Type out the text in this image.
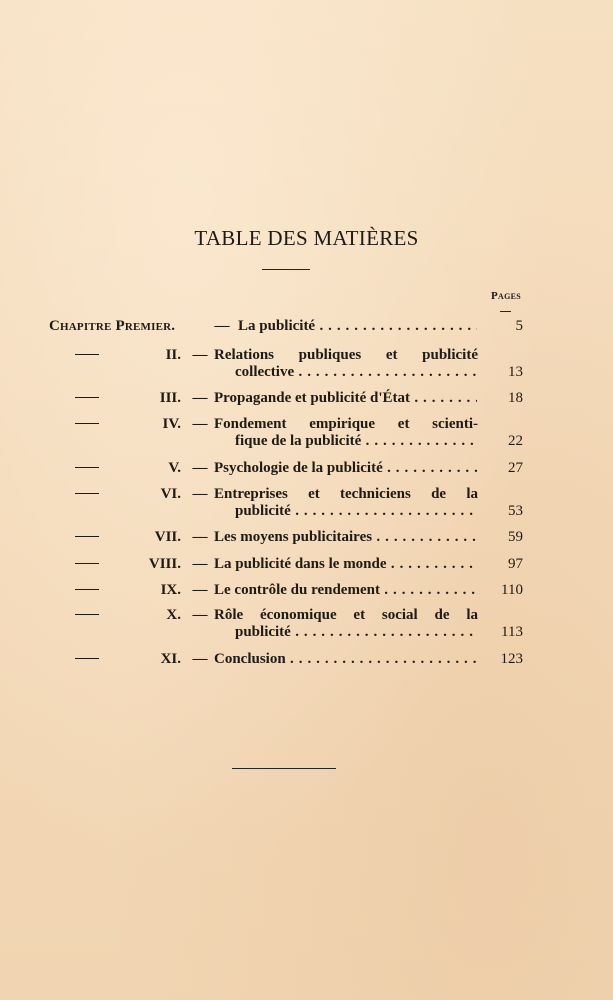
TABLE DES MATIÈRES
Pages
Chapitre Premier.	— La publicité . . .	5
II. — Relations publiques et publicité
collective . . .	13
III. — Propagande et publicité d'État . . .	18
IV. — Fondement empirique et scienti-
fique de la publicité . . .	22
V. — Psychologie de la publicité . . .	27
VI. — Entreprises et techniciens de la
publicité . . .	53
VII. — Les moyens publicitaires . . .	59
VIII. — La publicité dans le monde . . .	97
IX. — Le contrôle du rendement . . .	110
X. — Rôle économique et social de la
publicité . . .	113
XI. — Conclusion . . .	123
